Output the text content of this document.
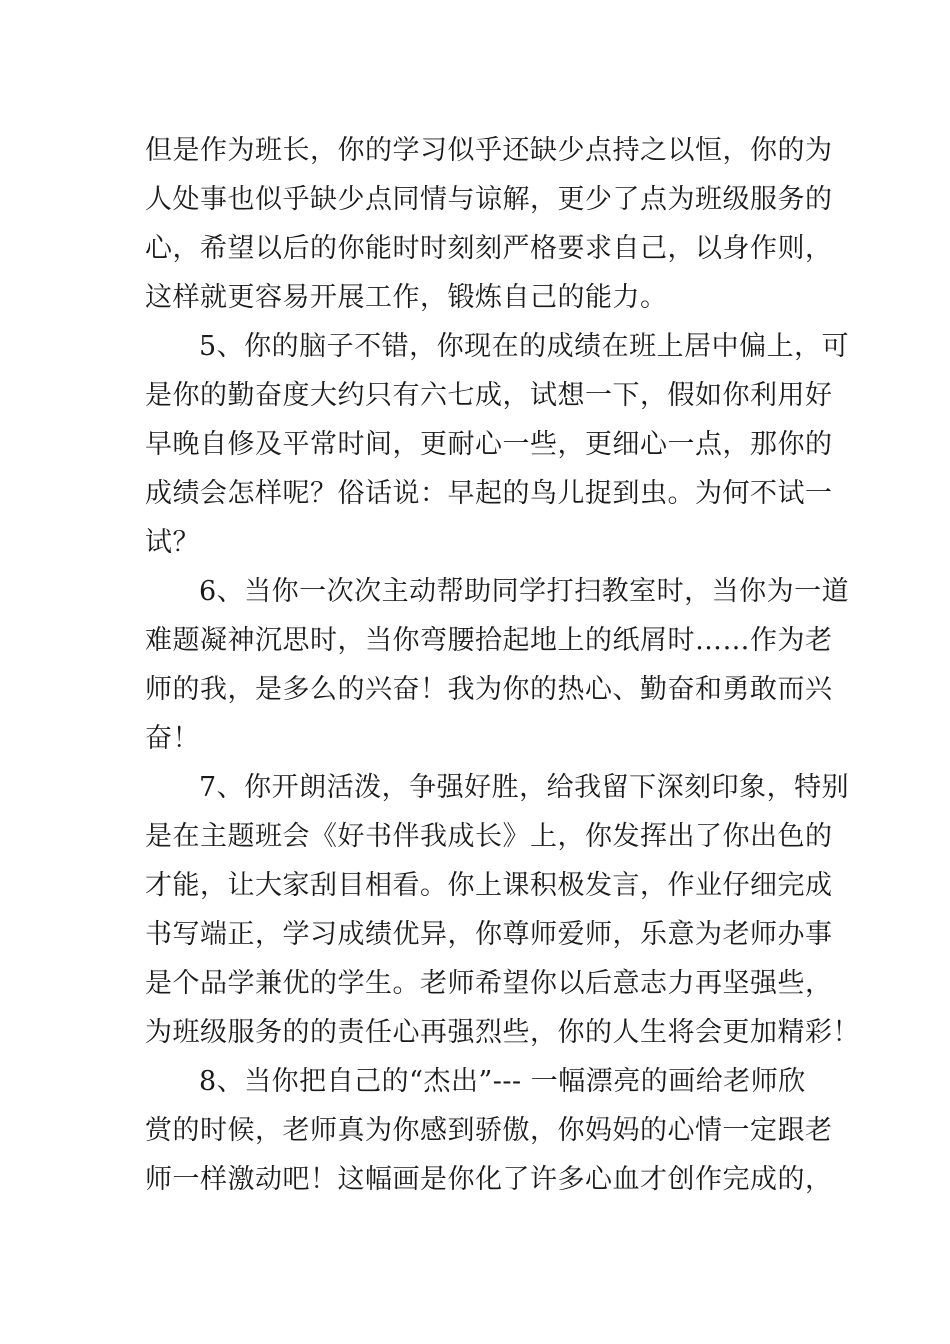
但是作为班长，你的学习似乎还缺少点持之以恒，你的为
人处事也似乎缺少点同情与谅解，更少了点为班级服务的
心，希望以后的你能时时刻刻严格要求自己，以身作则，
这样就更容易开展工作，锻炼自己的能力。
5、你的脑子不错，你现在的成绩在班上居中偏上，可
是你的勤奋度大约只有六七成，试想一下，假如你利用好
早晚自修及平常时间，更耐心一些，更细心一点，那你的
成绩会怎样呢？俗话说：早起的鸟儿捉到虫。为何不试一
试？
6、当你一次次主动帮助同学打扫教室时，当你为一道
难题凝神沉思时，当你弯腰拾起地上的纸屑时……作为老
师的我，是多么的兴奋！我为你的热心、勤奋和勇敢而兴
奋！
7、你开朗活泼，争强好胜，给我留下深刻印象，特别
是在主题班会《好书伴我成长》上，你发挥出了你出色的
才能，让大家刮目相看。你上课积极发言，作业仔细完成
书写端正，学习成绩优异，你尊师爱师，乐意为老师办事
是个品学兼优的学生。老师希望你以后意志力再坚强些，
为班级服务的的责任心再强烈些，你的人生将会更加精彩！
8、当你把自己的“杰出”--- 一幅漂亮的画给老师欣
赏的时候，老师真为你感到骄傲，你妈妈的心情一定跟老
师一样激动吧！这幅画是你化了许多心血才创作完成的，
